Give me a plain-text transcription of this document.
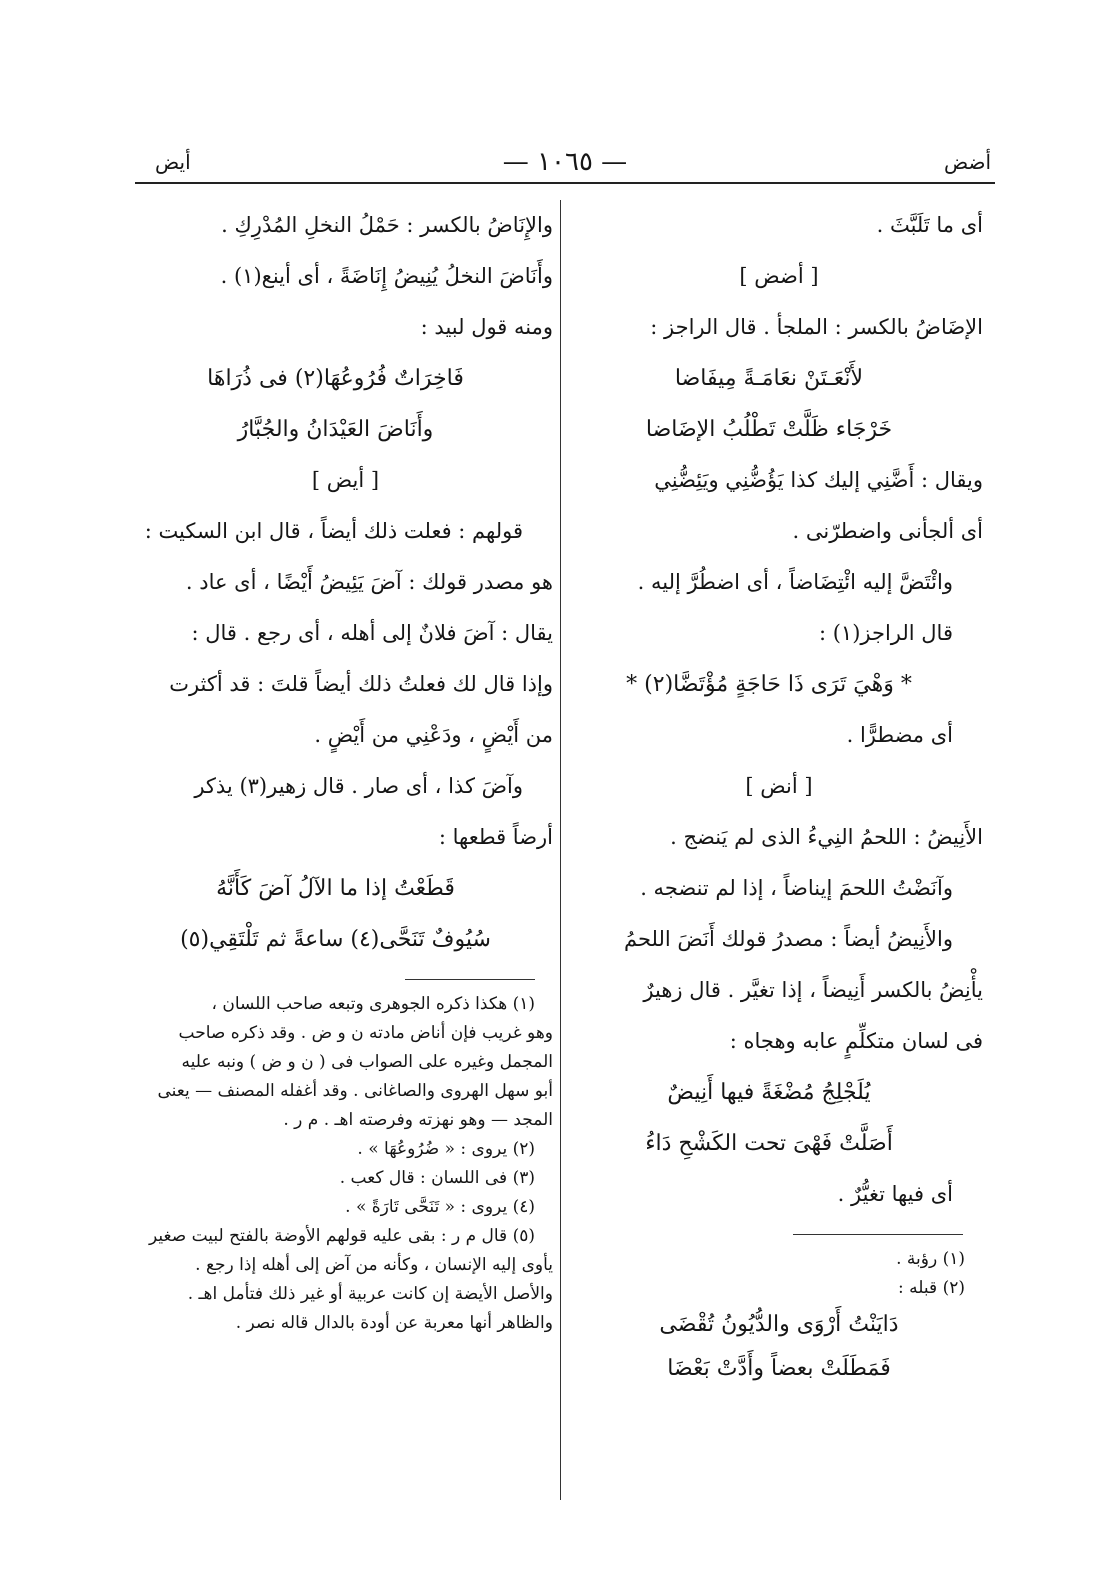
أضض
— ١٠٦٥ —
أيض

أى ما تَلَبَّثَ .

[ أضض ]

الإضَاضُ بالكسر : الملجأ . قال الراجز :

لأَنْعَـتَنْ نعَامَـةً مِيفَاضا

خَرْجَاء ظَلَّتْ تَطْلُبُ الإضَاضا

ويقال : أَضَّنِي إليك كذا يَؤُضُّنِي ويَئِضُّنِي

أى ألجأنى واضطرّنى .

وائْتَضَّ إليه ائْتِضَاضاً ، أى اضطُرَّ إليه .

قال الراجز(١) :

* وَهْيَ تَرَى ذَا حَاجَةٍ مُؤْتَضَّا(٢) *

أى مضطرًّا .

[ أنض ]

الأَنِيضُ : اللحمُ النِيءُ الذى لم يَنضج .

وآنَضْتُ اللحمَ إيناضاً ، إذا لم تنضجه .

والأَنِيضُ أيضاً : مصدرُ قولك أَنَضَ اللحمُ

يأْنِضُ بالكسر أَنِيضاً ، إذا تغيَّر . قال زهيرٌ

فى لسان متكلِّمٍ عابه وهجاه :

يُلَجْلِجُ مُضْغَةً فيها أَنِيضٌ

أَصَلَّتْ فَهْىَ تحت الكَشْحِ دَاءُ

أى فيها تغيُّرٌ .

(١) رؤبة .

(٢) قبله :

دَايَنْتُ أَرْوَى والدُّيُونُ تُقْضَى

فَمَطَلَتْ بعضاً وأَدَّتْ بَعْضَا

والإِنَاضُ بالكسر : حَمْلُ النخلِ المُدْرِكِ .

وأَنَاضَ النخلُ يُنِيضُ إِنَاضَةً ، أى أينع(١) .

ومنه قول لبيد :

فَاخِرَاتٌ فُرُوعُهَا(٢) فى ذُرَاهَا

وأَنَاضَ العَيْدَانُ والجُبَّارُ

[ أيض ]

قولهم : فعلت ذلك أيضاً ، قال ابن السكيت :

هو مصدر قولك : آضَ يَئِيضُ أَيْضًا ، أى عاد .

يقال : آضَ فلانٌ إلى أهله ، أى رجع . قال :

وإذا قال لك فعلتُ ذلك أيضاً قلتَ : قد أكثرت

من أَيْضٍ ، ودَعْنِي من أَيْضٍ .

وآضَ كذا ، أى صار . قال زهير(٣) يذكر

أرضاً قطعها :

قَطَعْتُ إذا ما الآلُ آضَ كَأَنَّهُ

سُيُوفٌ تَنَحَّى(٤) ساعةً ثم تَلْتَقِي(٥)

(١) هكذا ذكره الجوهرى وتبعه صاحب اللسان ،

وهو غريب فإن أناض مادته ن و ض . وقد ذكره صاحب

المجمل وغيره على الصواب فى ( ن و ض ) ونبه عليه

أبو سهل الهروى والصاغانى . وقد أغفله المصنف — يعنى

المجد — وهو نهزته وفرصته اهـ . م ر .

(٢) يروى : « ضُرُوعُهَا » .

(٣) فى اللسان : قال كعب .

(٤) يروى : « تَنَحَّى تَارَةً » .

(٥) قال م ر : بقى عليه قولهم الأوضة بالفتح لبيت صغير

يأوى إليه الإنسان ، وكأنه من آض إلى أهله إذا رجع .

والأصل الأيضة إن كانت عربية أو غير ذلك فتأمل اهـ .

والظاهر أنها معربة عن أودة بالدال قاله نصر .
